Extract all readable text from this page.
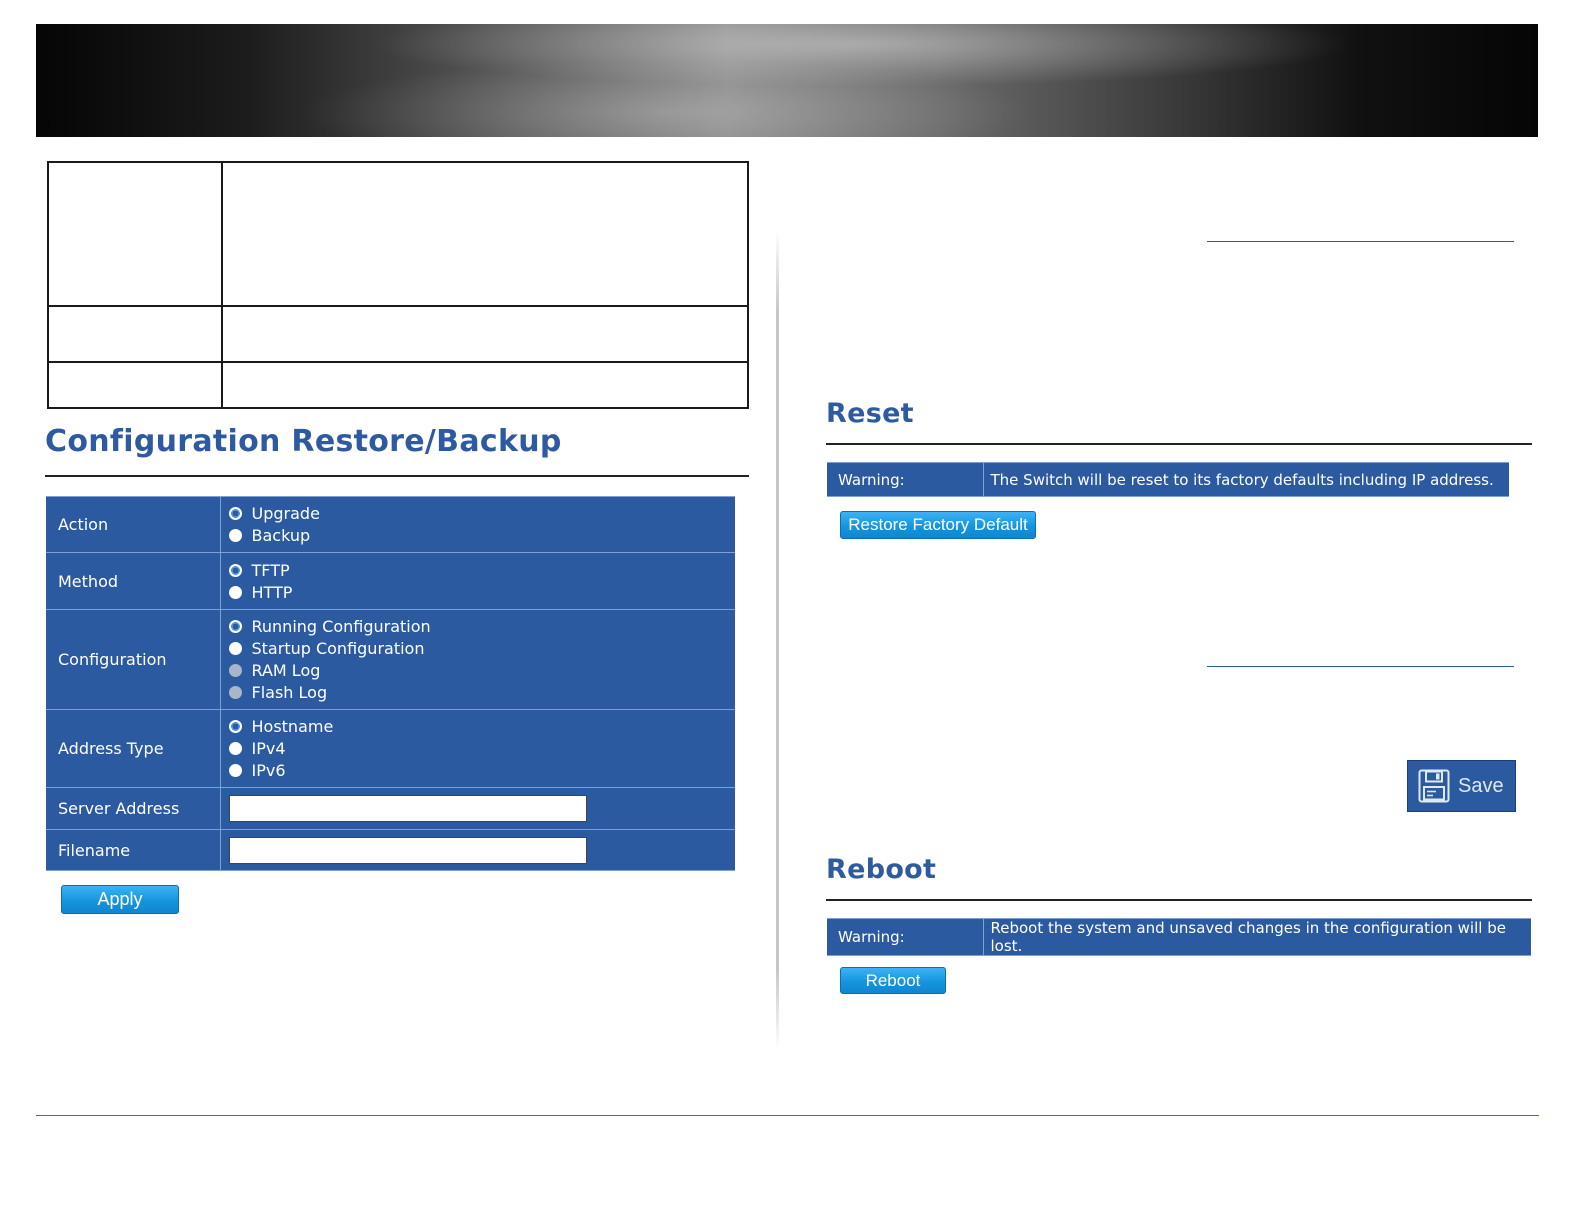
Configuration Restore/Backup
Action	Upgrade
Backup

Method	TFTP
HTTP

Configuration	Running Configuration
Startup Configuration
RAM Log
Flash Log

Address Type	Hostname
IPv4
IPv6

Server Address	

Filename	
Apply
Reset
Warning:	The Switch will be reset to its factory defaults including IP address.
Restore Factory Default
Save
Reboot
Warning:	Reboot the system and unsaved changes in the configuration will be lost.
Reboot
